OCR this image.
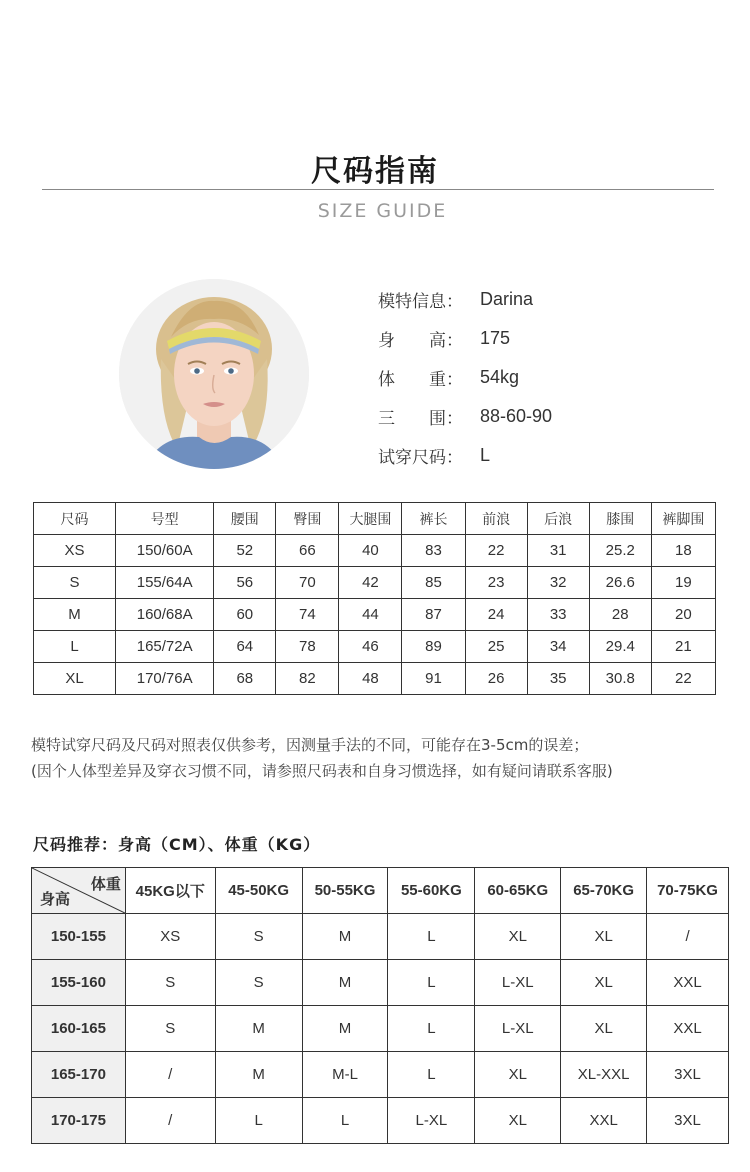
尺码指南
SIZE GUIDE
模特信息： Darina
身　　高： 175
体　　重： 54kg
三　　围： 88-60-90
试穿尺码： L
尺码	号型	腰围	臀围	大腿围	裤长	前浪	后浪	膝围	裤脚围
XS	150/60A	52	66	40	83	22	31	25.2	18
S	155/64A	56	70	42	85	23	32	26.6	19
M	160/68A	60	74	44	87	24	33	28	20
L	165/72A	64	78	46	89	25	34	29.4	21
XL	170/76A	68	82	48	91	26	35	30.8	22
模特试穿尺码及尺码对照表仅供参考，因测量手法的不同，可能存在3-5cm的误差；
(因个人体型差异及穿衣习惯不同，请参照尺码表和自身习惯选择，如有疑问请联系客服)
尺码推荐：身高（CM）、体重（KG）
体重
身高	45KG以下	45-50KG	50-55KG	55-60KG	60-65KG	65-70KG	70-75KG
150-155	XS	S	M	L	XL	XL	/
155-160	S	S	M	L	L-XL	XL	XXL
160-165	S	M	M	L	L-XL	XL	XXL
165-170	/	M	M-L	L	XL	XL-XXL	3XL
170-175	/	L	L	L-XL	XL	XXL	3XL
